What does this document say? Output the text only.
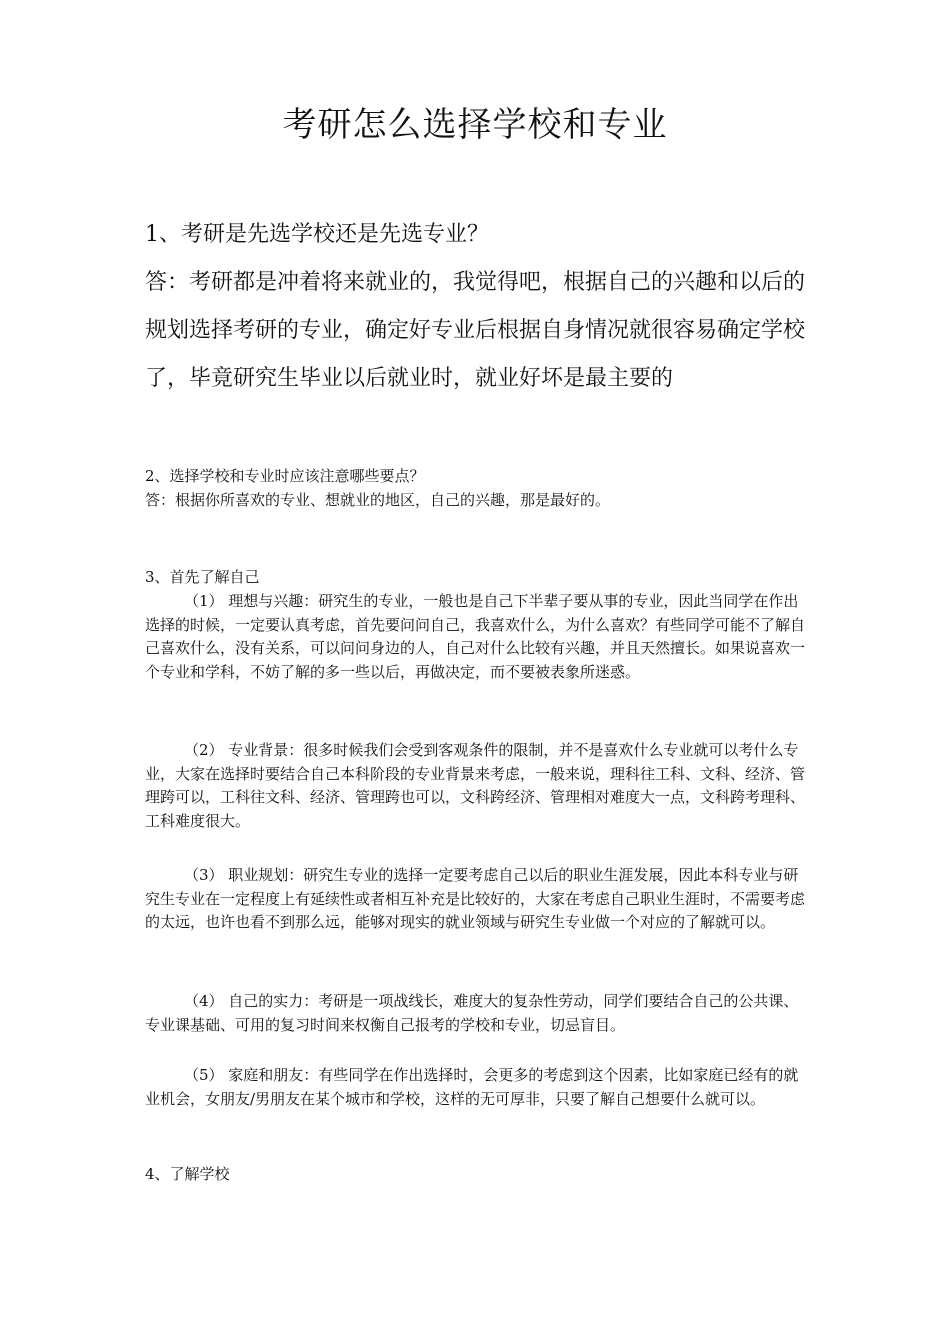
考研怎么选择学校和专业

1、考研是先选学校还是先选专业？

答：考研都是冲着将来就业的，我觉得吧，根据自己的兴趣和以后的规划选择考研的专业，确定好专业后根据自身情况就很容易确定学校了，毕竟研究生毕业以后就业时，就业好坏是最主要的

2、选择学校和专业时应该注意哪些要点？

答：根据你所喜欢的专业、想就业的地区，自己的兴趣，那是最好的。

3、首先了解自己

（1） 理想与兴趣：研究生的专业，一般也是自己下半辈子要从事的专业，因此当同学在作出选择的时候，一定要认真考虑，首先要问问自己，我喜欢什么，为什么喜欢？有些同学可能不了解自己喜欢什么，没有关系，可以问问身边的人，自己对什么比较有兴趣，并且天然擅长。如果说喜欢一个专业和学科，不妨了解的多一些以后，再做决定，而不要被表象所迷惑。

（2） 专业背景：很多时候我们会受到客观条件的限制，并不是喜欢什么专业就可以考什么专业，大家在选择时要结合自己本科阶段的专业背景来考虑，一般来说，理科往工科、文科、经济、管理跨可以，工科往文科、经济、管理跨也可以，文科跨经济、管理相对难度大一点，文科跨考理科、工科难度很大。

（3） 职业规划：研究生专业的选择一定要考虑自己以后的职业生涯发展，因此本科专业与研究生专业在一定程度上有延续性或者相互补充是比较好的，大家在考虑自己职业生涯时，不需要考虑的太远，也许也看不到那么远，能够对现实的就业领域与研究生专业做一个对应的了解就可以。

（4） 自己的实力：考研是一项战线长，难度大的复杂性劳动，同学们要结合自己的公共课、专业课基础、可用的复习时间来权衡自己报考的学校和专业，切忌盲目。

（5） 家庭和朋友：有些同学在作出选择时，会更多的考虑到这个因素，比如家庭已经有的就业机会，女朋友/男朋友在某个城市和学校，这样的无可厚非，只要了解自己想要什么就可以。

4、了解学校
